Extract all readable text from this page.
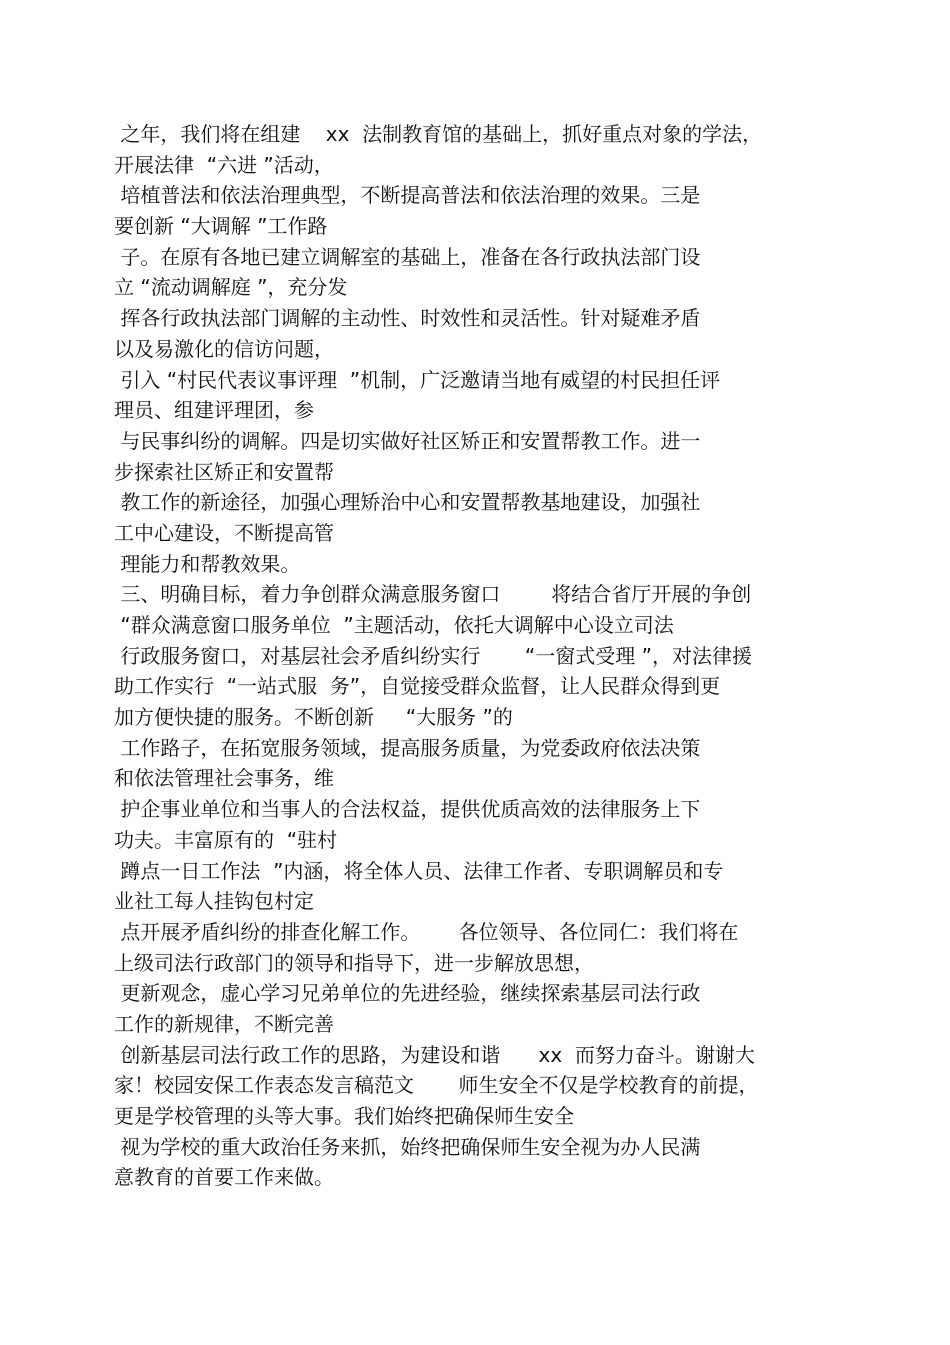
之年，我们将在组建    xx  法制教育馆的基础上，抓好重点对象的学法，
开展法律  “六进 ”活动，
培植普法和依法治理典型，不断提高普法和依法治理的效果。三是
要创新 “大调解 ”工作路
子。在原有各地已建立调解室的基础上，准备在各行政执法部门设
立 “流动调解庭 ”，充分发
挥各行政执法部门调解的主动性、时效性和灵活性。针对疑难矛盾
以及易激化的信访问题，
引入 “村民代表议事评理  ”机制，广泛邀请当地有威望的村民担任评
理员、组建评理团，参
与民事纠纷的调解。四是切实做好社区矫正和安置帮教工作。进一
步探索社区矫正和安置帮
教工作的新途径，加强心理矫治中心和安置帮教基地建设，加强社
工中心建设，不断提高管
理能力和帮教效果。
三、明确目标，着力争创群众满意服务窗口        将结合省厅开展的争创
“群众满意窗口服务单位  ”主题活动，依托大调解中心设立司法
行政服务窗口，对基层社会矛盾纠纷实行       “一窗式受理 ”，对法律援
助工作实行  “一站式服  务”，自觉接受群众监督，让人民群众得到更
加方便快捷的服务。不断创新     “大服务 ”的
工作路子，在拓宽服务领域，提高服务质量，为党委政府依法决策
和依法管理社会事务，维
护企事业单位和当事人的合法权益，提供优质高效的法律服务上下
功夫。丰富原有的  “驻村
蹲点一日工作法  ”内涵，将全体人员、法律工作者、专职调解员和专
业社工每人挂钩包村定
点开展矛盾纠纷的排查化解工作。      各位领导、各位同仁：我们将在
上级司法行政部门的领导和指导下，进一步解放思想，
更新观念，虚心学习兄弟单位的先进经验，继续探索基层司法行政
工作的新规律，不断完善
创新基层司法行政工作的思路，为建设和谐      xx  而努力奋斗。谢谢大
家！校园安保工作表态发言稿范文       师生安全不仅是学校教育的前提，
更是学校管理的头等大事。我们始终把确保师生安全
视为学校的重大政治任务来抓，始终把确保师生安全视为办人民满
意教育的首要工作来做。
